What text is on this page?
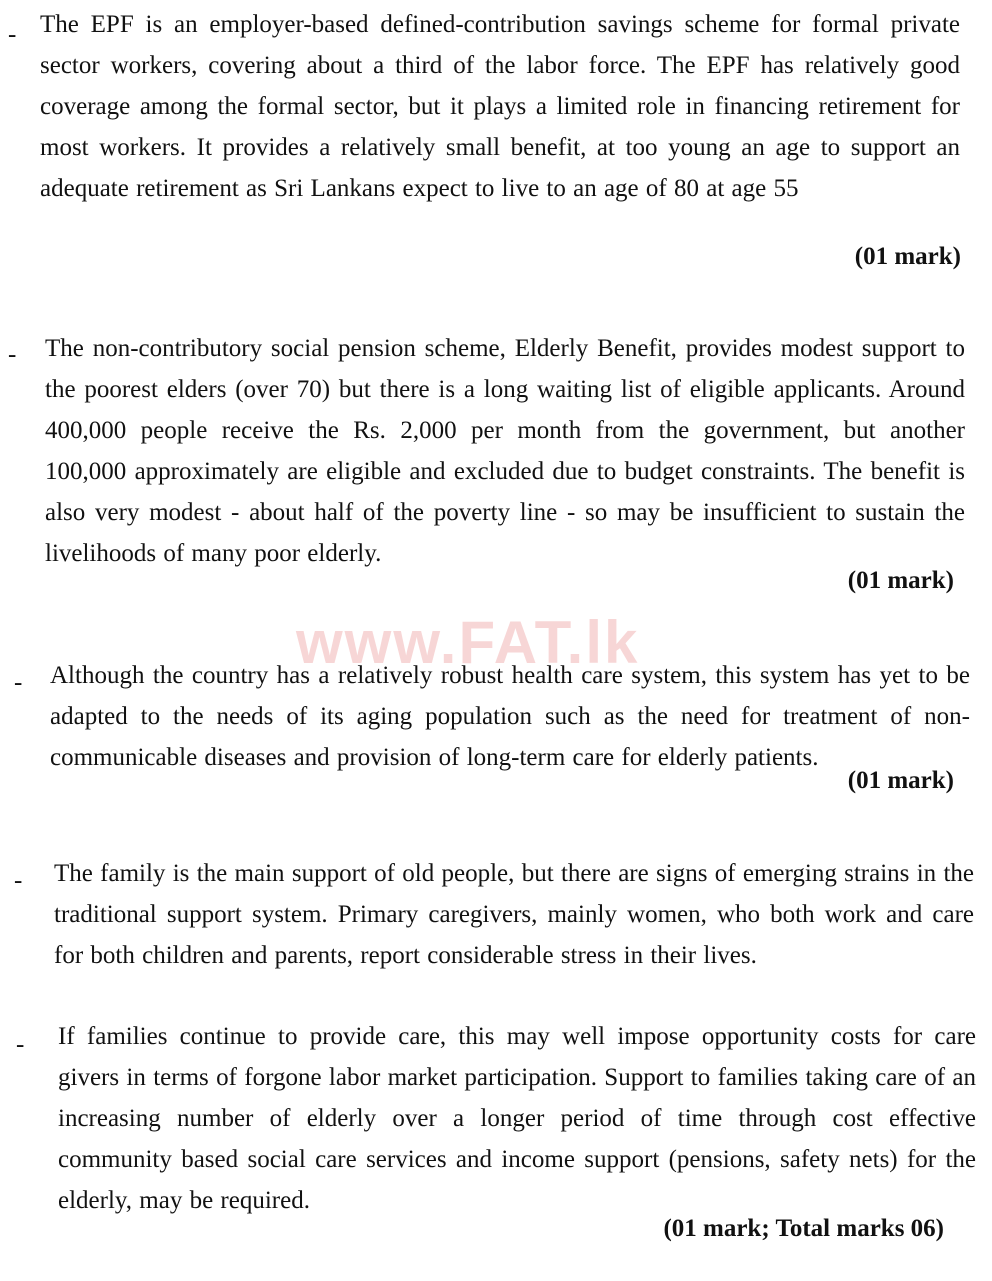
www.FAT.lk
- The EPF is an employer-based defined-contribution savings scheme for formal private sector workers, covering about a third of the labor force. The EPF has relatively good coverage among the formal sector, but it plays a limited role in financing retirement for most workers. It provides a relatively small benefit, at too young an age to support an adequate retirement as Sri Lankans expect to live to an age of 80 at age 55
(01 mark)
- The non-contributory social pension scheme, Elderly Benefit, provides modest support to the poorest elders (over 70) but there is a long waiting list of eligible applicants. Around 400,000 people receive the Rs. 2,000 per month from the government, but another 100,000 approximately are eligible and excluded due to budget constraints. The benefit is also very modest - about half of the poverty line - so may be insufficient to sustain the livelihoods of many poor elderly.
(01 mark)
- Although the country has a relatively robust health care system, this system has yet to be adapted to the needs of its aging population such as the need for treatment of non-communicable diseases and provision of long-term care for elderly patients.
(01 mark)
- The family is the main support of old people, but there are signs of emerging strains in the traditional support system. Primary caregivers, mainly women, who both work and care for both children and parents, report considerable stress in their lives.
- If families continue to provide care, this may well impose opportunity costs for care givers in terms of forgone labor market participation. Support to families taking care of an increasing number of elderly over a longer period of time through cost effective community based social care services and income support (pensions, safety nets) for the elderly, may be required.
(01 mark; Total marks 06)
